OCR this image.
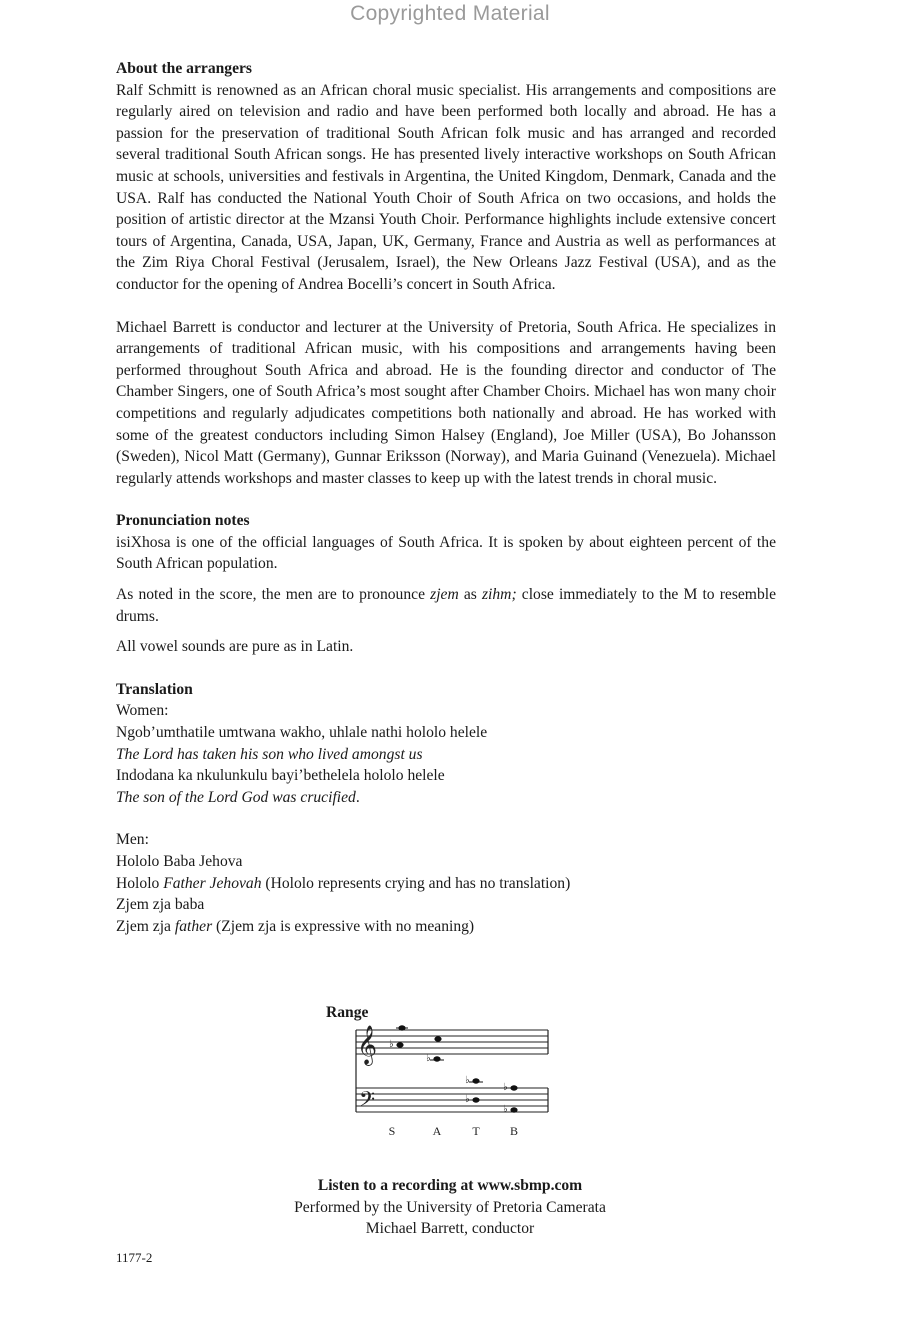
Copyrighted Material

About the arrangers

Ralf Schmitt is renowned as an African choral music specialist. His arrangements and compositions are regularly aired on television and radio and have been performed both locally and abroad. He has a passion for the preservation of traditional South African folk music and has arranged and recorded several traditional South African songs. He has presented lively interactive workshops on South African music at schools, universities and festivals in Argentina, the United Kingdom, Denmark, Canada and the USA. Ralf has conducted the National Youth Choir of South Africa on two occasions, and holds the position of artistic director at the Mzansi Youth Choir. Performance highlights include extensive concert tours of Argentina, Canada, USA, Japan, UK, Germany, France and Austria as well as performances at the Zim Riya Choral Festival (Jerusalem, Israel), the New Orleans Jazz Festival (USA), and as the conductor for the opening of Andrea Bocelli’s concert in South Africa.

Michael Barrett is conductor and lecturer at the University of Pretoria, South Africa. He specializes in arrangements of traditional African music, with his compositions and arrangements having been performed throughout South Africa and abroad. He is the founding director and conductor of The Chamber Singers, one of South Africa’s most sought after Chamber Choirs. Michael has won many choir competitions and regularly adjudicates competitions both nationally and abroad. He has worked with some of the greatest conductors including Simon Halsey (England), Joe Miller (USA), Bo Johansson (Sweden), Nicol Matt (Germany), Gunnar Eriksson (Norway), and Maria Guinand (Venezuela). Michael regularly attends workshops and master classes to keep up with the latest trends in choral music.

Pronunciation notes

isiXhosa is one of the official languages of South Africa. It is spoken by about eighteen percent of the South African population.

As noted in the score, the men are to pronounce zjem as zihm; close immediately to the M to resemble drums.

All vowel sounds are pure as in Latin.

Translation

Women:

Ngob’umthatile umtwana wakho, uhlale nathi hololo helele

The Lord has taken his son who lived amongst us

Indodana ka nkulunkulu bayi’bethelela hololo helele

The son of the Lord God was crucified.

Men:

Hololo Baba Jehova

Hololo Father Jehovah (Hololo represents crying and has no translation)

Zjem zja baba

Zjem zja father (Zjem zja is expressive with no meaning)

Range
𝄞
𝄢
♭
♭
♭
♭
♭
♭
S	A	T	B
Listen to a recording at www.sbmp.com
Performed by the University of Pretoria Camerata
Michael Barrett, conductor
1177-2
